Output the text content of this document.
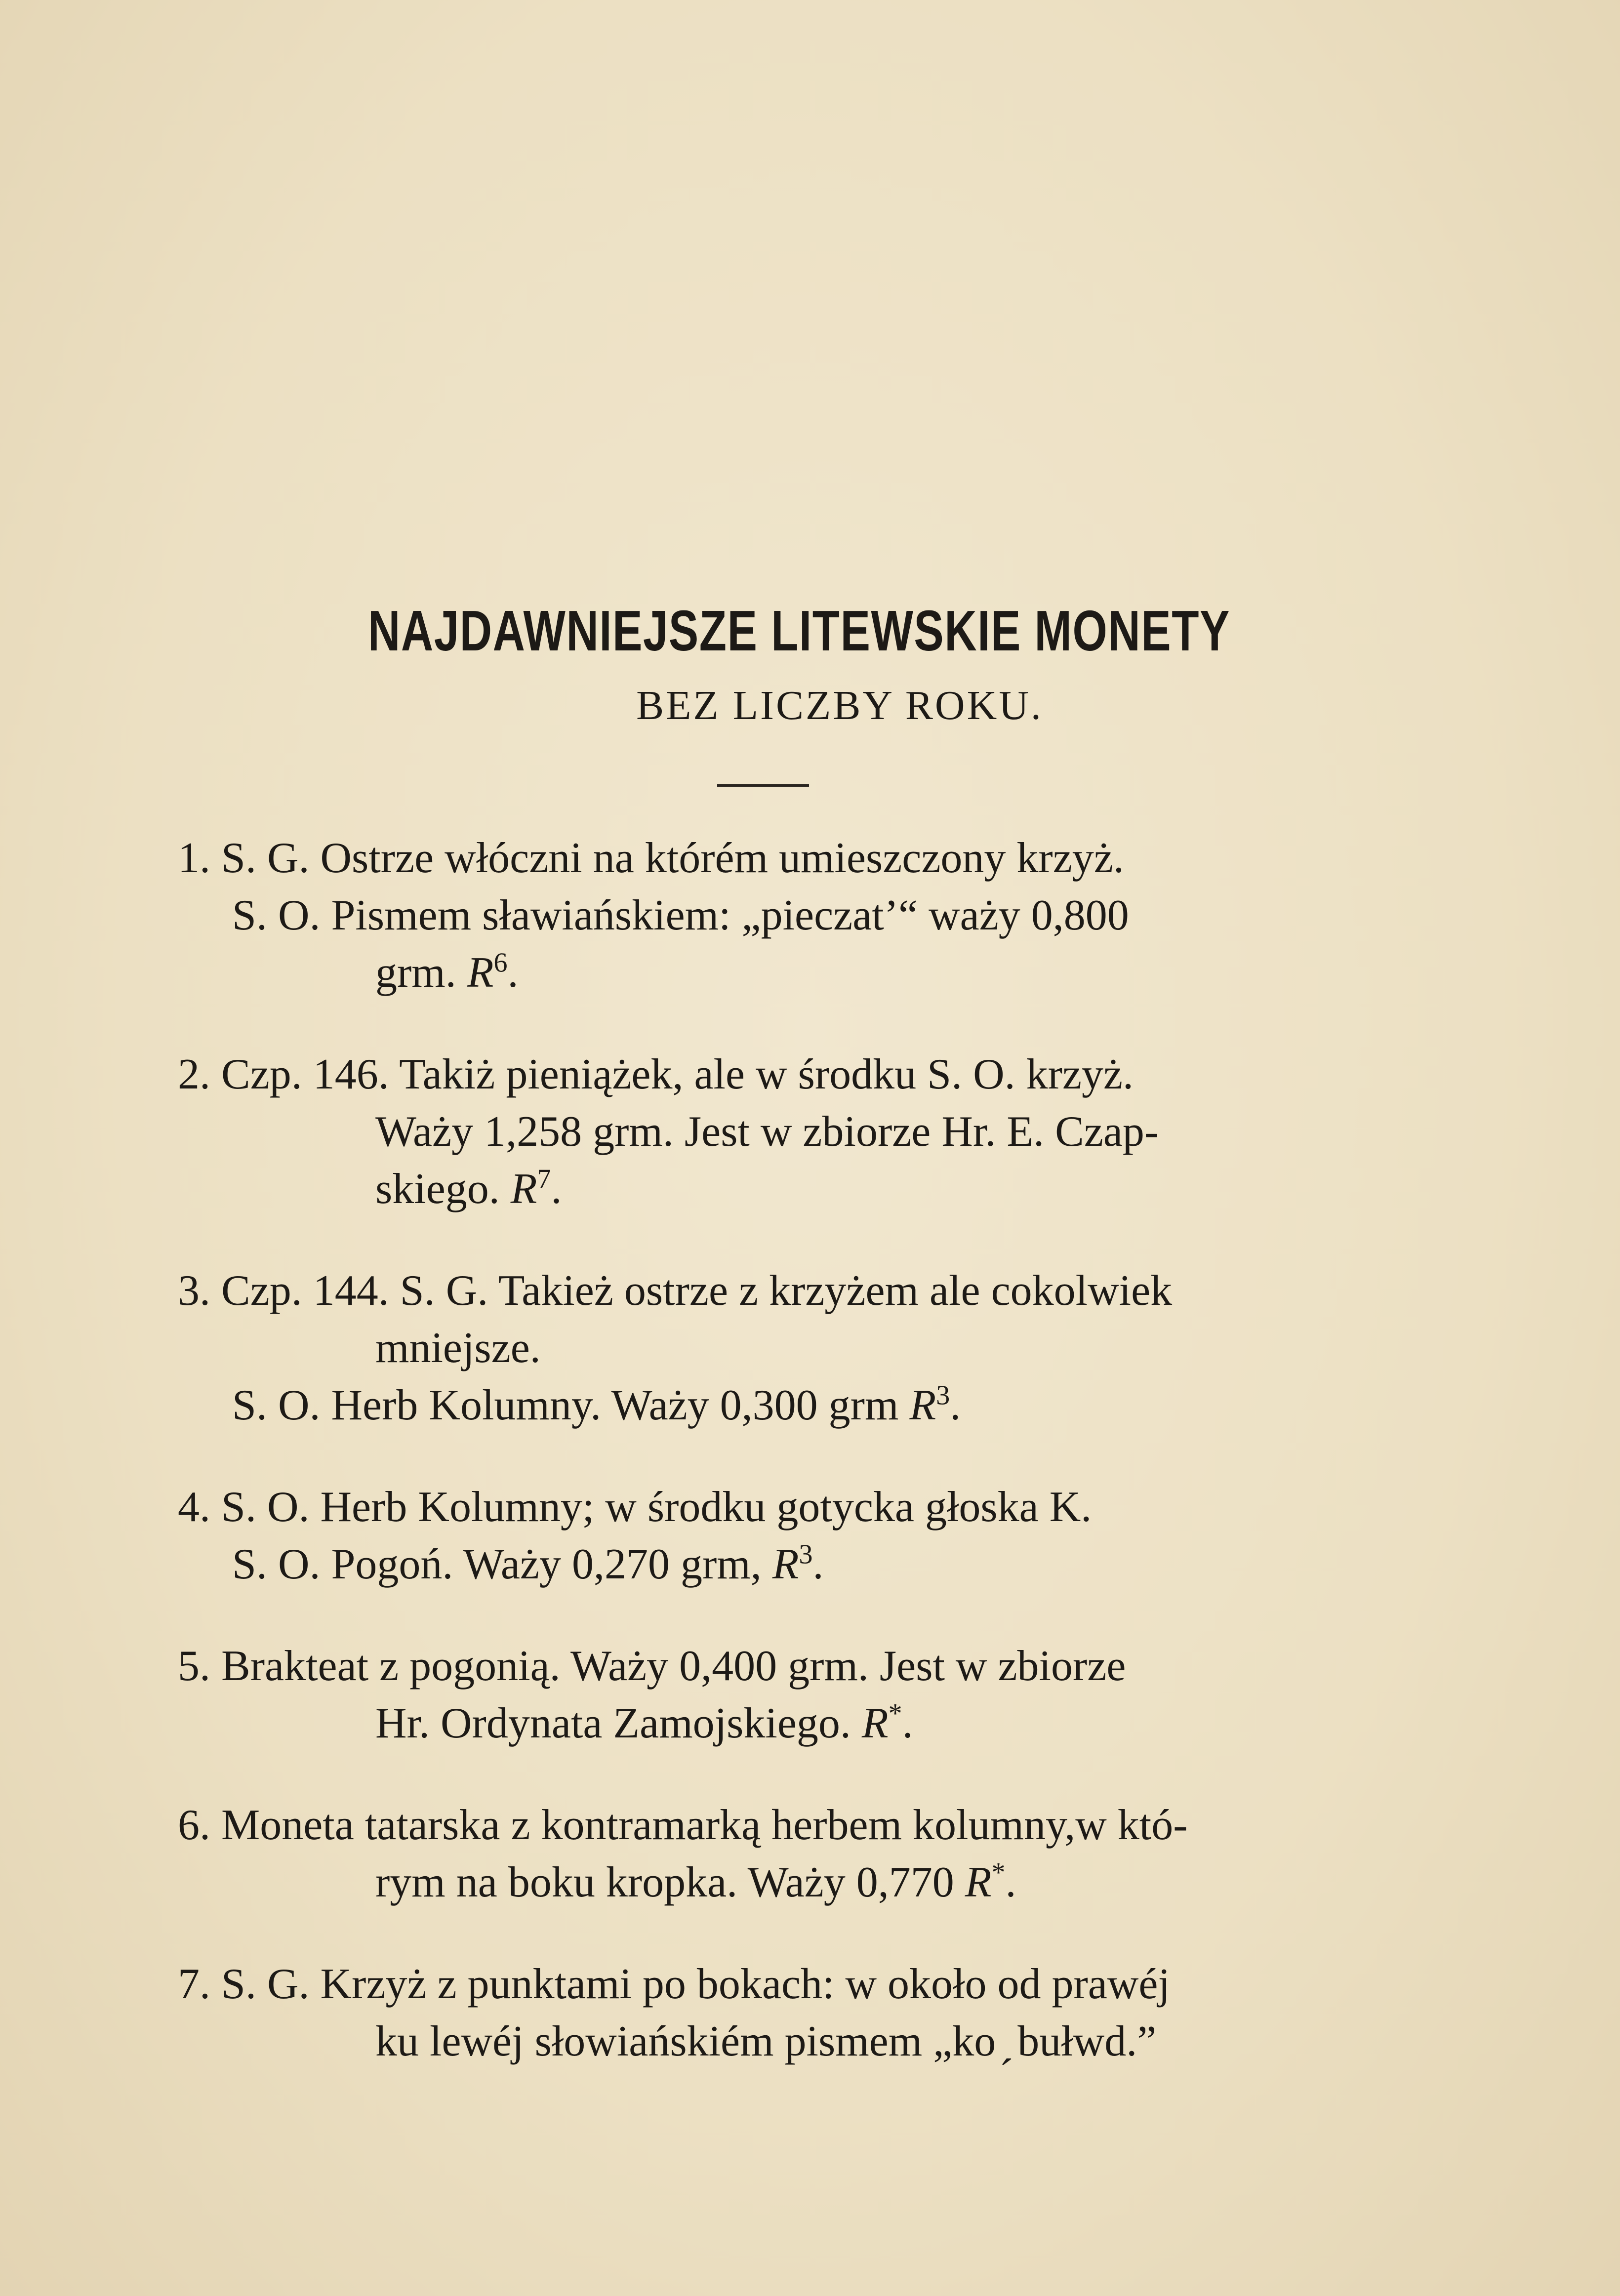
NAJDAWNIEJSZE LITEWSKIE MONETY
BEZ LICZBY ROKU.
1. S. G. Ostrze włóczni na którém umieszczony krzyż.
S. O. Pismem sławiańskiem: „pieczat’“ waży 0,800
grm. $R^6$.
2. Czp. 146. Takiż pieniążek, ale w środku S. O. krzyż.
Waży 1,258 grm. Jest w zbiorze Hr. E. Czap-
skiego. $R^7$.
3. Czp. 144. S. G. Takież ostrze z krzyżem ale cokolwiek
mniejsze.
S. O. Herb Kolumny. Waży 0,300 grm $R^3$.
4. S. O. Herb Kolumny; w środku gotycka głoska K.
S. O. Pogoń. Waży 0,270 grm, $R^3$.
5. Brakteat z pogonią. Waży 0,400 grm. Jest w zbiorze
Hr. Ordynata Zamojskiego. R*.
6. Moneta tatarska z kontramarką herbem kolumny,w któ-
rym na boku kropka. Waży 0,770 R*.
7. S. G. Krzyż z punktami po bokach: w około od prawéj
ku lewéj słowiańskiém pismem „ko ̗ bułwd.”
